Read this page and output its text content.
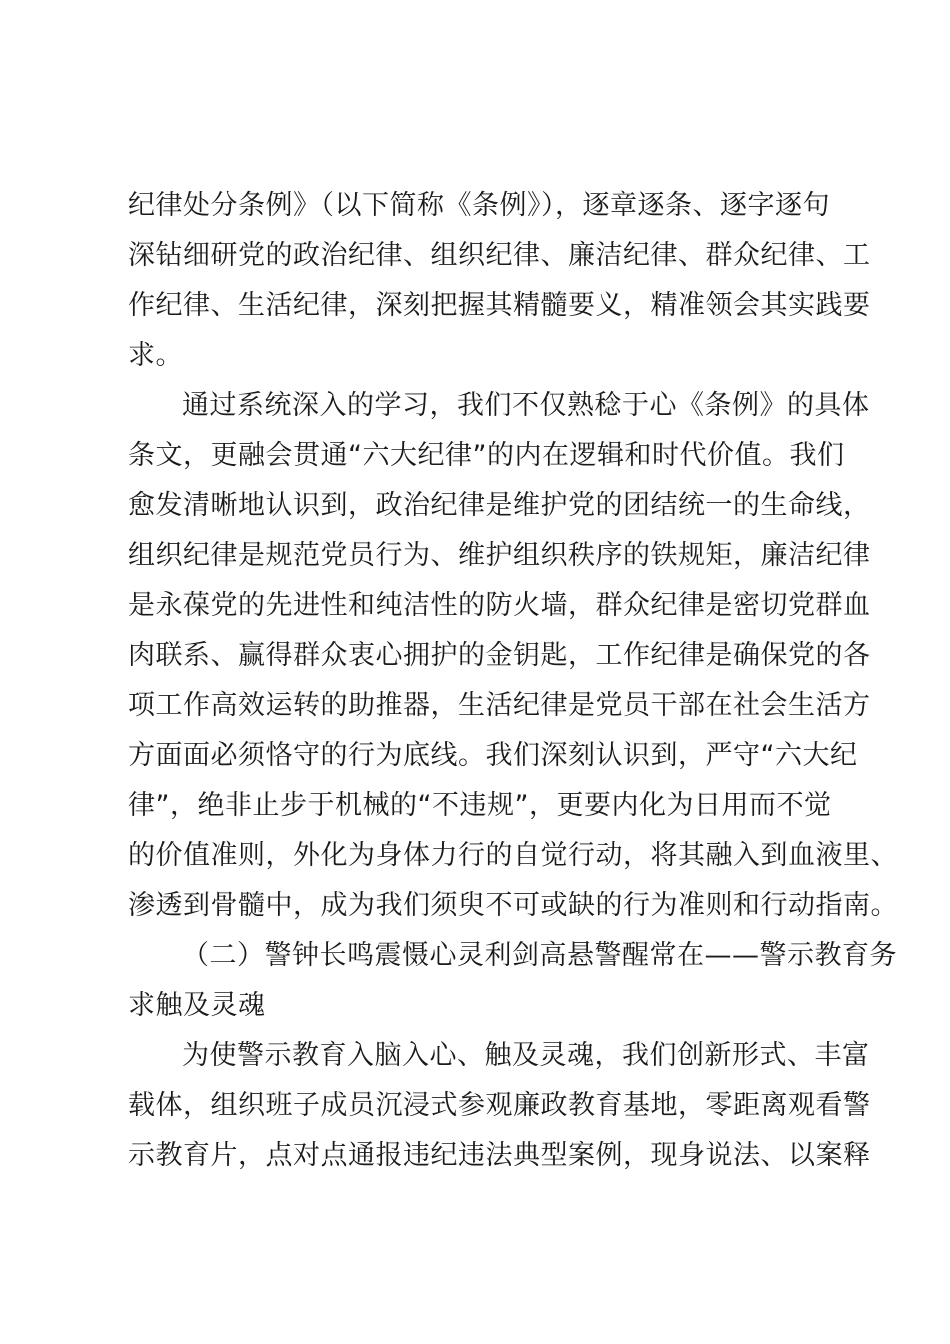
纪律处分条例》（以下简称《条例》），逐章逐条、逐字逐句
深钻细研党的政治纪律、组织纪律、廉洁纪律、群众纪律、工
作纪律、生活纪律，深刻把握其精髓要义，精准领会其实践要
求。
通过系统深入的学习，我们不仅熟稔于心《条例》的具体
条文，更融会贯通“六大纪律”的内在逻辑和时代价值。我们
愈发清晰地认识到，政治纪律是维护党的团结统一的生命线，
组织纪律是规范党员行为、维护组织秩序的铁规矩，廉洁纪律
是永葆党的先进性和纯洁性的防火墙，群众纪律是密切党群血
肉联系、赢得群众衷心拥护的金钥匙，工作纪律是确保党的各
项工作高效运转的助推器，生活纪律是党员干部在社会生活方
方面面必须恪守的行为底线。我们深刻认识到，严守“六大纪
律”，绝非止步于机械的“不违规”，更要内化为日用而不觉
的价值准则，外化为身体力行的自觉行动，将其融入到血液里、
渗透到骨髓中，成为我们须臾不可或缺的行为准则和行动指南。
（二）警钟长鸣震慑心灵利剑高悬警醒常在——警示教育务
求触及灵魂
为使警示教育入脑入心、触及灵魂，我们创新形式、丰富
载体，组织班子成员沉浸式参观廉政教育基地，零距离观看警
示教育片，点对点通报违纪违法典型案例，现身说法、以案释
